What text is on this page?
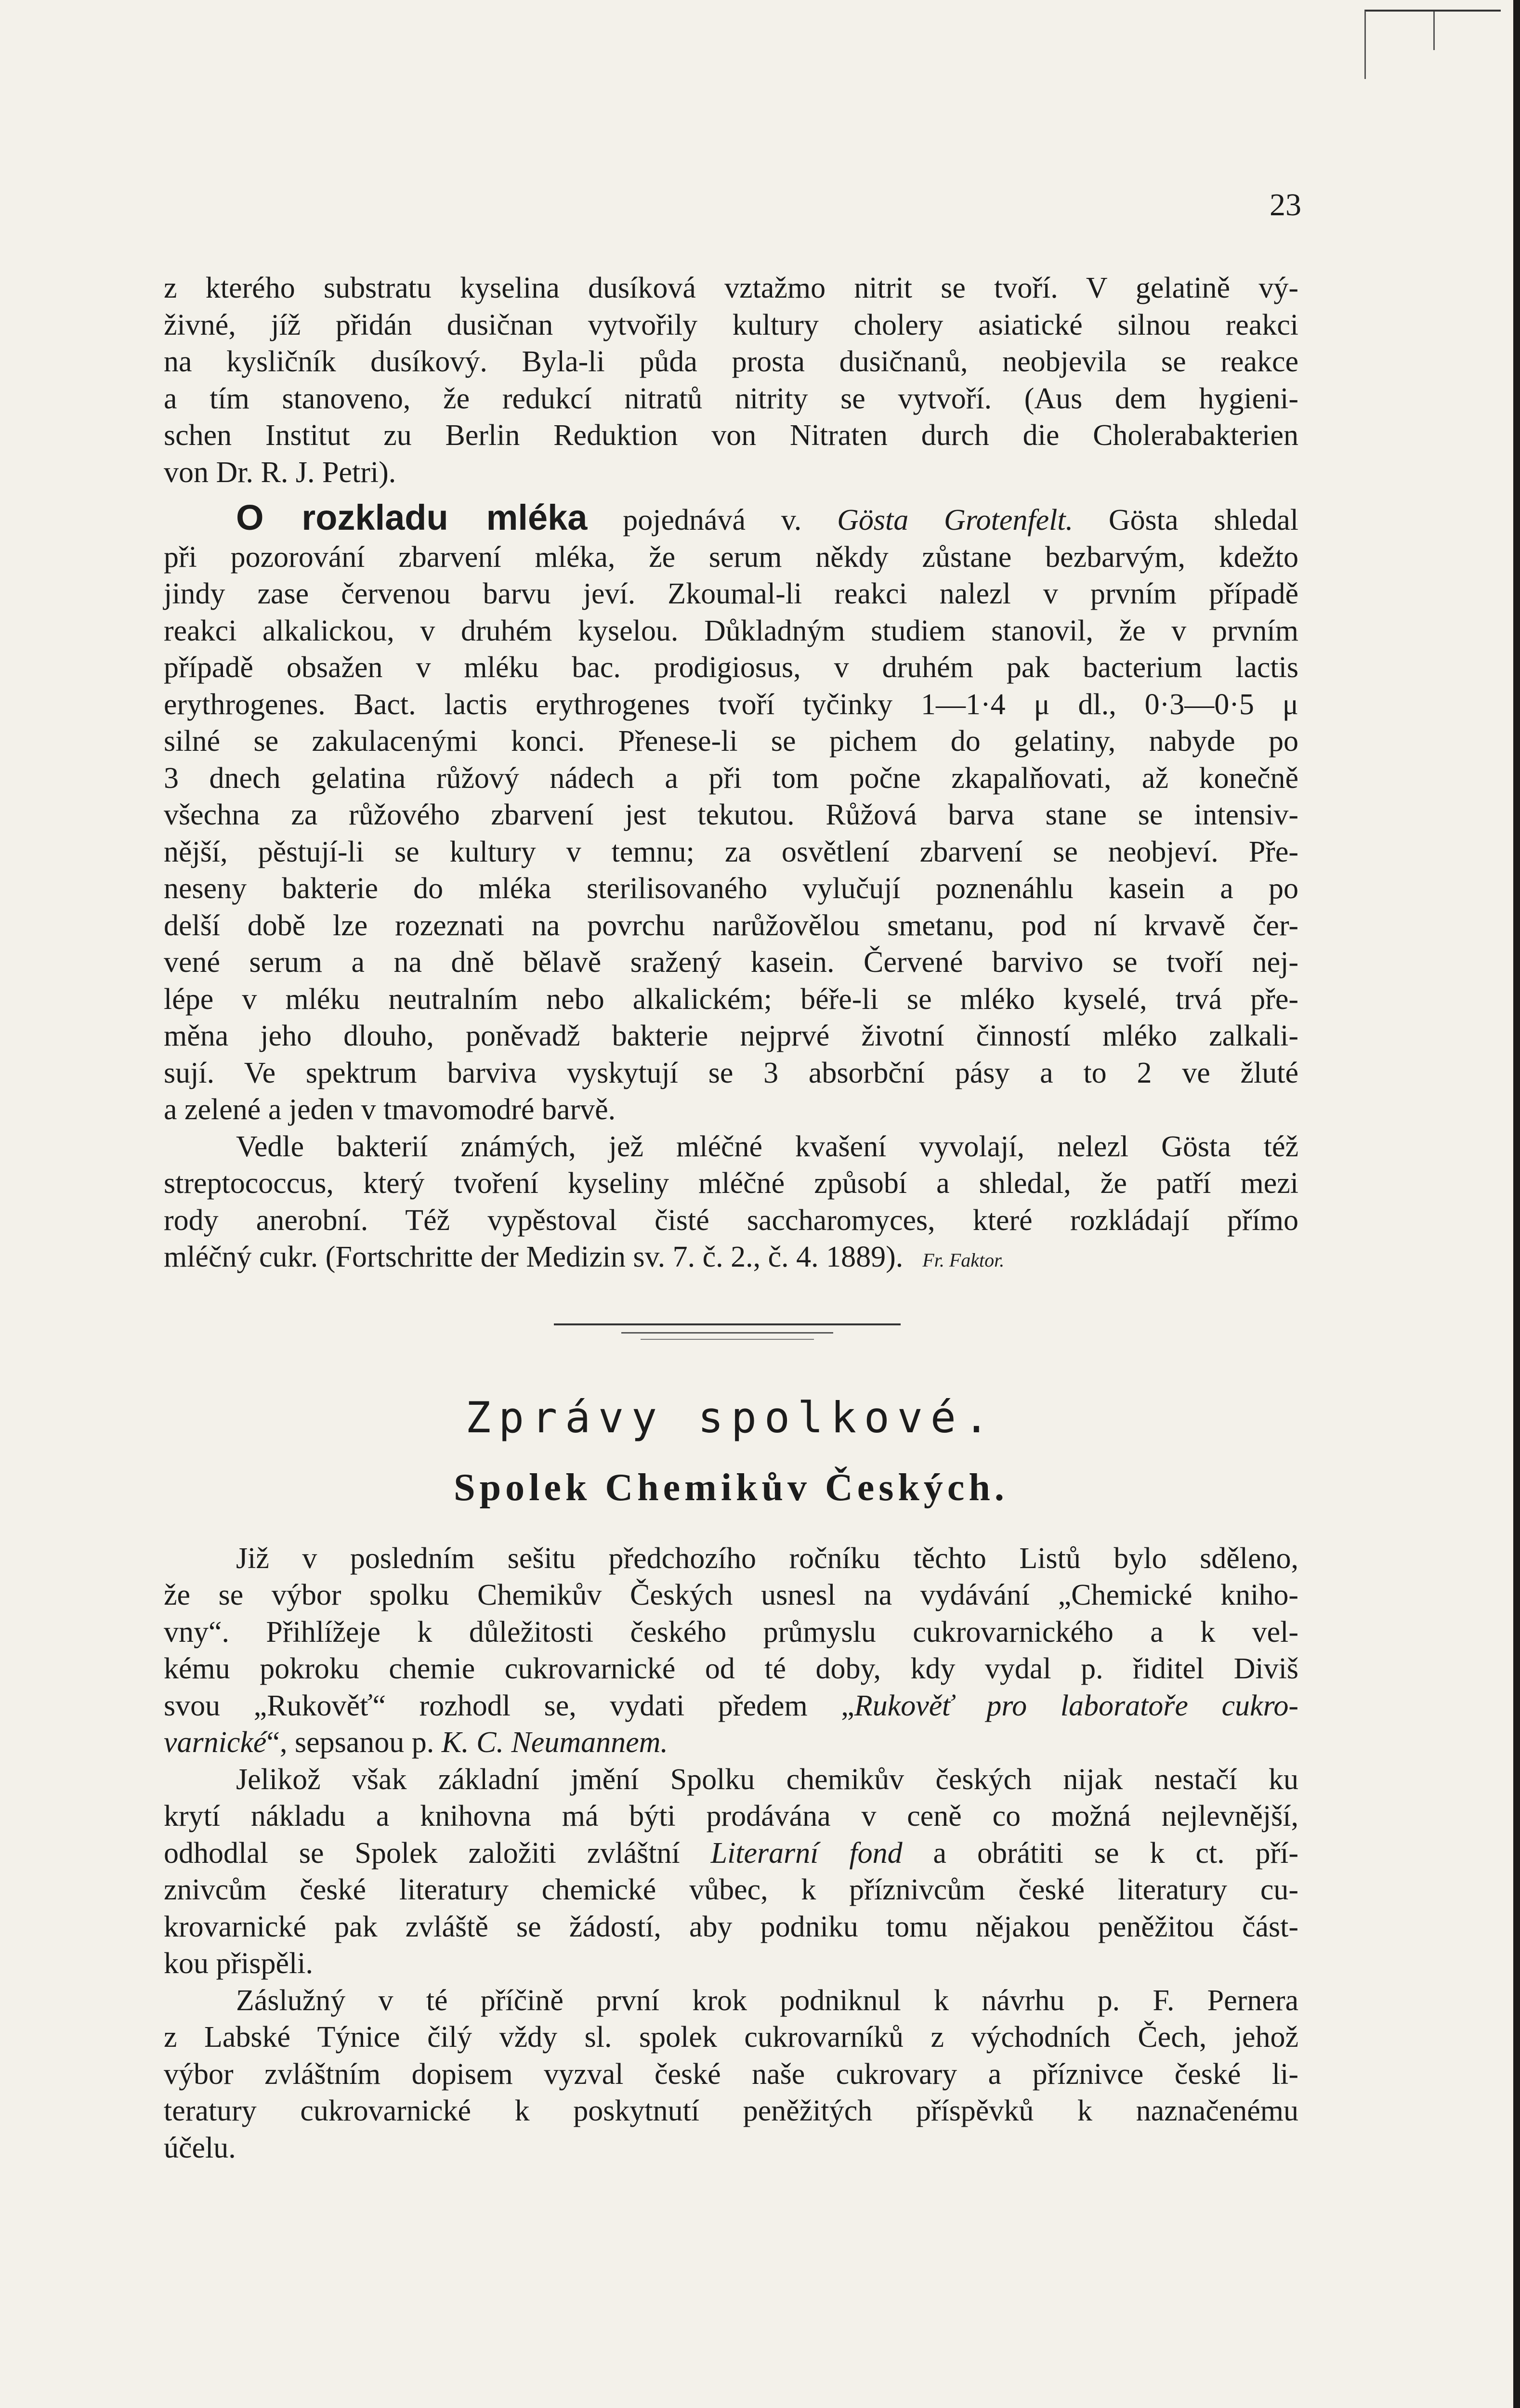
23

z kterého substratu kyselina dusíková vztažmo nitrit se tvoří. V gelatině vý-

živné, jíž přidán dusičnan vytvořily kultury cholery asiatické silnou reakci

na kysličník dusíkový. Byla-li půda prosta dusičnanů, neobjevila se reakce

a tím stanoveno, že redukcí nitratů nitrity se vytvoří. (Aus dem hygieni-

schen Institut zu Berlin Reduktion von Nitraten durch die Cholerabakterien

von Dr. R. J. Petri).

O rozkladu mléka pojednává v. Gösta Grotenfelt. Gösta shledal

při pozorování zbarvení mléka, že serum někdy zůstane bezbarvým, kdežto

jindy zase červenou barvu jeví. Zkoumal-li reakci nalezl v prvním případě

reakci alkalickou, v druhém kyselou. Důkladným studiem stanovil, že v prvním

případě obsažen v mléku bac. prodigiosus, v druhém pak bacterium lactis

erythrogenes. Bact. lactis erythrogenes tvoří tyčinky 1—1·4 μ dl., 0·3—0·5 μ

silné se zakulacenými konci. Přenese-li se pichem do gelatiny, nabyde po

3 dnech gelatina růžový nádech a při tom počne zkapalňovati, až konečně

všechna za růžového zbarvení jest tekutou. Růžová barva stane se intensiv-

nější, pěstují-li se kultury v temnu; za osvětlení zbarvení se neobjeví. Pře-

neseny bakterie do mléka sterilisovaného vylučují poznenáhlu kasein a po

delší době lze rozeznati na povrchu narůžovělou smetanu, pod ní krvavě čer-

vené serum a na dně bělavě sražený kasein. Červené barvivo se tvoří nej-

lépe v mléku neutralním nebo alkalickém; béře-li se mléko kyselé, trvá pře-

měna jeho dlouho, poněvadž bakterie nejprvé životní činností mléko zalkali-

sují. Ve spektrum barviva vyskytují se 3 absorbční pásy a to 2 ve žluté

a zelené a jeden v tmavomodré barvě.

Vedle bakterií známých, jež mléčné kvašení vyvolají, nelezl Gösta též

streptococcus, který tvoření kyseliny mléčné způsobí a shledal, že patří mezi

rody anerobní. Též vypěstoval čisté saccharomyces, které rozkládají přímo

mléčný cukr. (Fortschritte der Medizin sv. 7. č. 2., č. 4. 1889). Fr. Faktor.

Zprávy spolkové.
Spolek Chemikův Českých.

Již v posledním sešitu předchozího ročníku těchto Listů bylo sděleno,

že se výbor spolku Chemikův Českých usnesl na vydávání „Chemické kniho-

vny“. Přihlížeje k důležitosti českého průmyslu cukrovarnického a k vel-

kému pokroku chemie cukrovarnické od té doby, kdy vydal p. řiditel Diviš

svou „Rukověť“ rozhodl se, vydati předem „Rukověť pro laboratoře cukro-

varnické“, sepsanou p. K. C. Neumannem.

Jelikož však základní jmění Spolku chemikův českých nijak nestačí ku

krytí nákladu a knihovna má býti prodávána v ceně co možná nejlevnější,

odhodlal se Spolek založiti zvláštní Literarní fond a obrátiti se k ct. pří-

znivcům české literatury chemické vůbec, k příznivcům české literatury cu-

krovarnické pak zvláště se žádostí, aby podniku tomu nějakou peněžitou část-

kou přispěli.

Záslužný v té příčině první krok podniknul k návrhu p. F. Pernera

z Labské Týnice čilý vždy sl. spolek cukrovarníků z východních Čech, jehož

výbor zvláštním dopisem vyzval české naše cukrovary a příznivce české li-

teratury cukrovarnické k poskytnutí peněžitých příspěvků k naznačenému

účelu.
